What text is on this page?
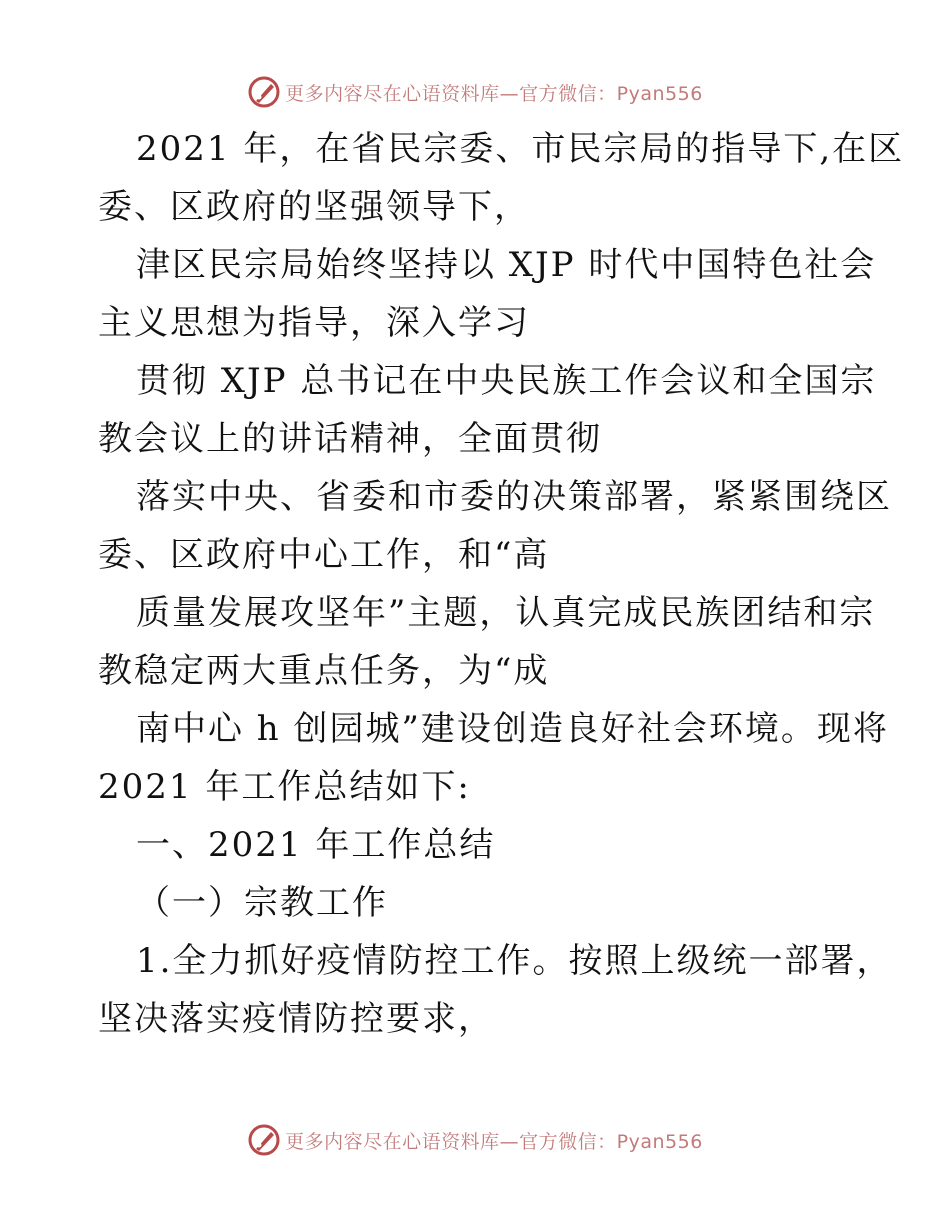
更多内容尽在心语资料库—官方微信：Pyan556

2021 年，在省民宗委、市民宗局的指导下,在区
委、区政府的坚强领导下，

津区民宗局始终坚持以 XJP 时代中国特色社会
主义思想为指导，深入学习

贯彻 XJP 总书记在中央民族工作会议和全国宗
教会议上的讲话精神，全面贯彻

落实中央、省委和市委的决策部署，紧紧围绕区
委、区政府中心工作，和“高

质量发展攻坚年”主题，认真完成民族团结和宗
教稳定两大重点任务，为“成

南中心 h 创园城”建设创造良好社会环境。现将
2021 年工作总结如下:

一、2021 年工作总结

（一）宗教工作

1.全力抓好疫情防控工作。按照上级统一部署，
坚决落实疫情防控要求，

更多内容尽在心语资料库—官方微信：Pyan556
